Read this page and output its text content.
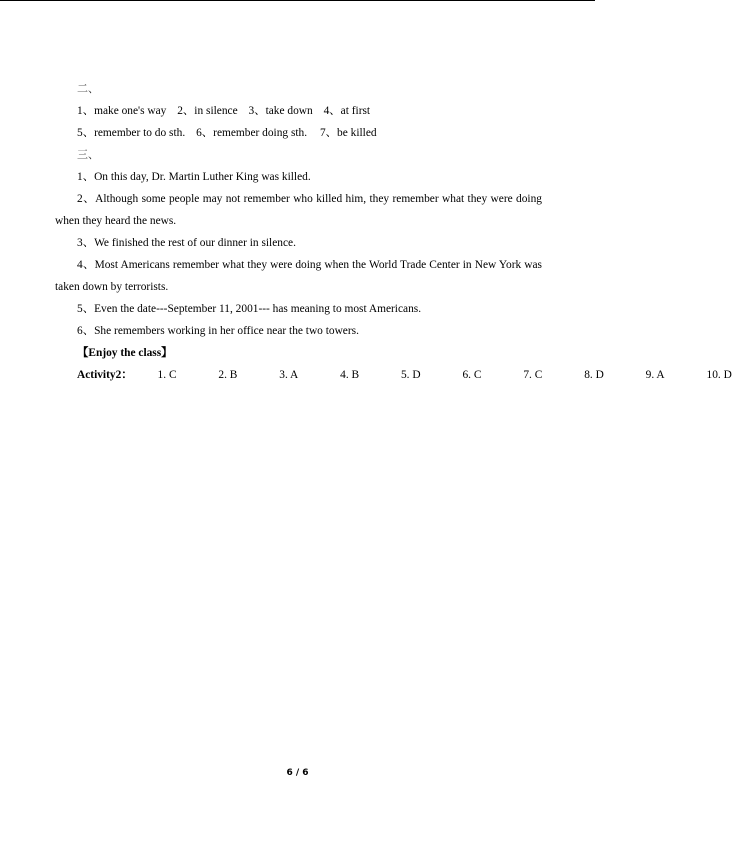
二、

1、make one's way 2、in silence 3、take down 4、at first

5、remember to do sth. 6、remember doing sth. 7、be killed

三、

1、On this day, Dr. Martin Luther King was killed.

2、Although some people may not remember who killed him, they remember what they were doing when they heard the news.

3、We finished the rest of our dinner in silence.

4、Most Americans remember what they were doing when the World Trade Center in New York was taken down by terrorists.

5、Even the date---September 11, 2001--- has meaning to most Americans.

6、She remembers working in her office near the two towers.

【Enjoy the class】

Activity2： 1. C	2. B	3. A	4. B	5. D	6. C	7. C	8. D	9. A	10. D

6 / 6
